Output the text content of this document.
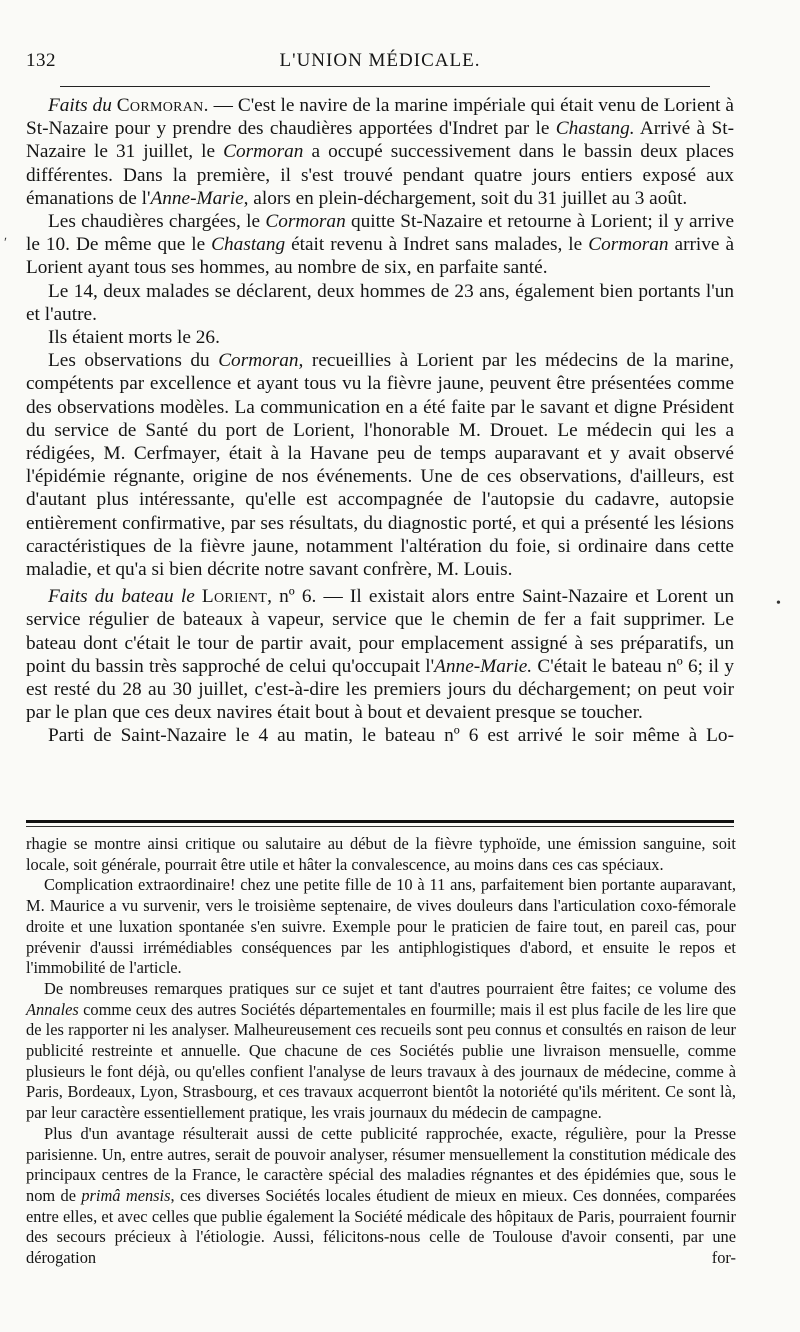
132	L'UNION MÉDICALE.

Faits du Cormoran. — C'est le navire de la marine impériale qui était venu de Lorient à St-Nazaire pour y prendre des chaudières apportées d'Indret par le Chastang. Arrivé à St-Nazaire le 31 juillet, le Cormoran a occupé successivement dans le bassin deux places différentes. Dans la première, il s'est trouvé pendant quatre jours entiers exposé aux émanations de l'Anne-Marie, alors en plein-déchargement, soit du 31 juillet au 3 août.

Les chaudières chargées, le Cormoran quitte St-Nazaire et retourne à Lorient; il y arrive le 10. De même que le Chastang était revenu à Indret sans malades, le Cormoran arrive à Lorient ayant tous ses hommes, au nombre de six, en parfaite santé.

Le 14, deux malades se déclarent, deux hommes de 23 ans, également bien portants l'un et l'autre.

Ils étaient morts le 26.

Les observations du Cormoran, recueillies à Lorient par les médecins de la marine, compétents par excellence et ayant tous vu la fièvre jaune, peuvent être présentées comme des observations modèles. La communication en a été faite par le savant et digne Président du service de Santé du port de Lorient, l'honorable M. Drouet. Le médecin qui les a rédigées, M. Cerfmayer, était à la Havane peu de temps auparavant et y avait observé l'épidémie régnante, origine de nos événements. Une de ces observations, d'ailleurs, est d'autant plus intéressante, qu'elle est accompagnée de l'autopsie du cadavre, autopsie entièrement confirmative, par ses résultats, du diagnostic porté, et qui a présenté les lésions caractéristiques de la fièvre jaune, notamment l'altération du foie, si ordinaire dans cette maladie, et qu'a si bien décrite notre savant confrère, M. Louis.

Faits du bateau le Lorient, nº 6. — Il existait alors entre Saint-Nazaire et Lorent un service régulier de bateaux à vapeur, service que le chemin de fer a fait supprimer. Le bateau dont c'était le tour de partir avait, pour emplacement assigné à ses préparatifs, un point du bassin très sapproché de celui qu'occupait l'Anne-Marie. C'était le bateau nº 6; il y est resté du 28 au 30 juillet, c'est-à-dire les premiers jours du déchargement; on peut voir par le plan que ces deux navires était bout à bout et devaient presque se toucher.

Parti de Saint-Nazaire le 4 au matin, le bateau nº 6 est arrivé le soir même à Lo-

rhagie se montre ainsi critique ou salutaire au début de la fièvre typhoïde, une émission sanguine, soit locale, soit générale, pourrait être utile et hâter la convalescence, au moins dans ces cas spéciaux.

Complication extraordinaire! chez une petite fille de 10 à 11 ans, parfaitement bien portante auparavant, M. Maurice a vu survenir, vers le troisième septenaire, de vives douleurs dans l'articulation coxo-fémorale droite et une luxation spontanée s'en suivre. Exemple pour le praticien de faire tout, en pareil cas, pour prévenir d'aussi irrémédiables conséquences par les antiphlogistiques d'abord, et ensuite le repos et l'immobilité de l'article.

De nombreuses remarques pratiques sur ce sujet et tant d'autres pourraient être faites; ce volume des Annales comme ceux des autres Sociétés départementales en fourmille; mais il est plus facile de les lire que de les rapporter ni les analyser. Malheureusement ces recueils sont peu connus et consultés en raison de leur publicité restreinte et annuelle. Que chacune de ces Sociétés publie une livraison mensuelle, comme plusieurs le font déjà, ou qu'elles confient l'analyse de leurs travaux à des journaux de médecine, comme à Paris, Bordeaux, Lyon, Strasbourg, et ces travaux acquerront bientôt la notoriété qu'ils méritent. Ce sont là, par leur caractère essentiellement pratique, les vrais journaux du médecin de campagne.

Plus d'un avantage résulterait aussi de cette publicité rapprochée, exacte, régulière, pour la Presse parisienne. Un, entre autres, serait de pouvoir analyser, résumer mensuellement la constitution médicale des principaux centres de la France, le caractère spécial des maladies régnantes et des épidémies que, sous le nom de primâ mensis, ces diverses Sociétés locales étudient de mieux en mieux. Ces données, comparées entre elles, et avec celles que publie également la Société médicale des hôpitaux de Paris, pourraient fournir des secours précieux à l'étiologie. Aussi, félicitons-nous celle de Toulouse d'avoir consenti, par une dérogation for-

ʹ
•
